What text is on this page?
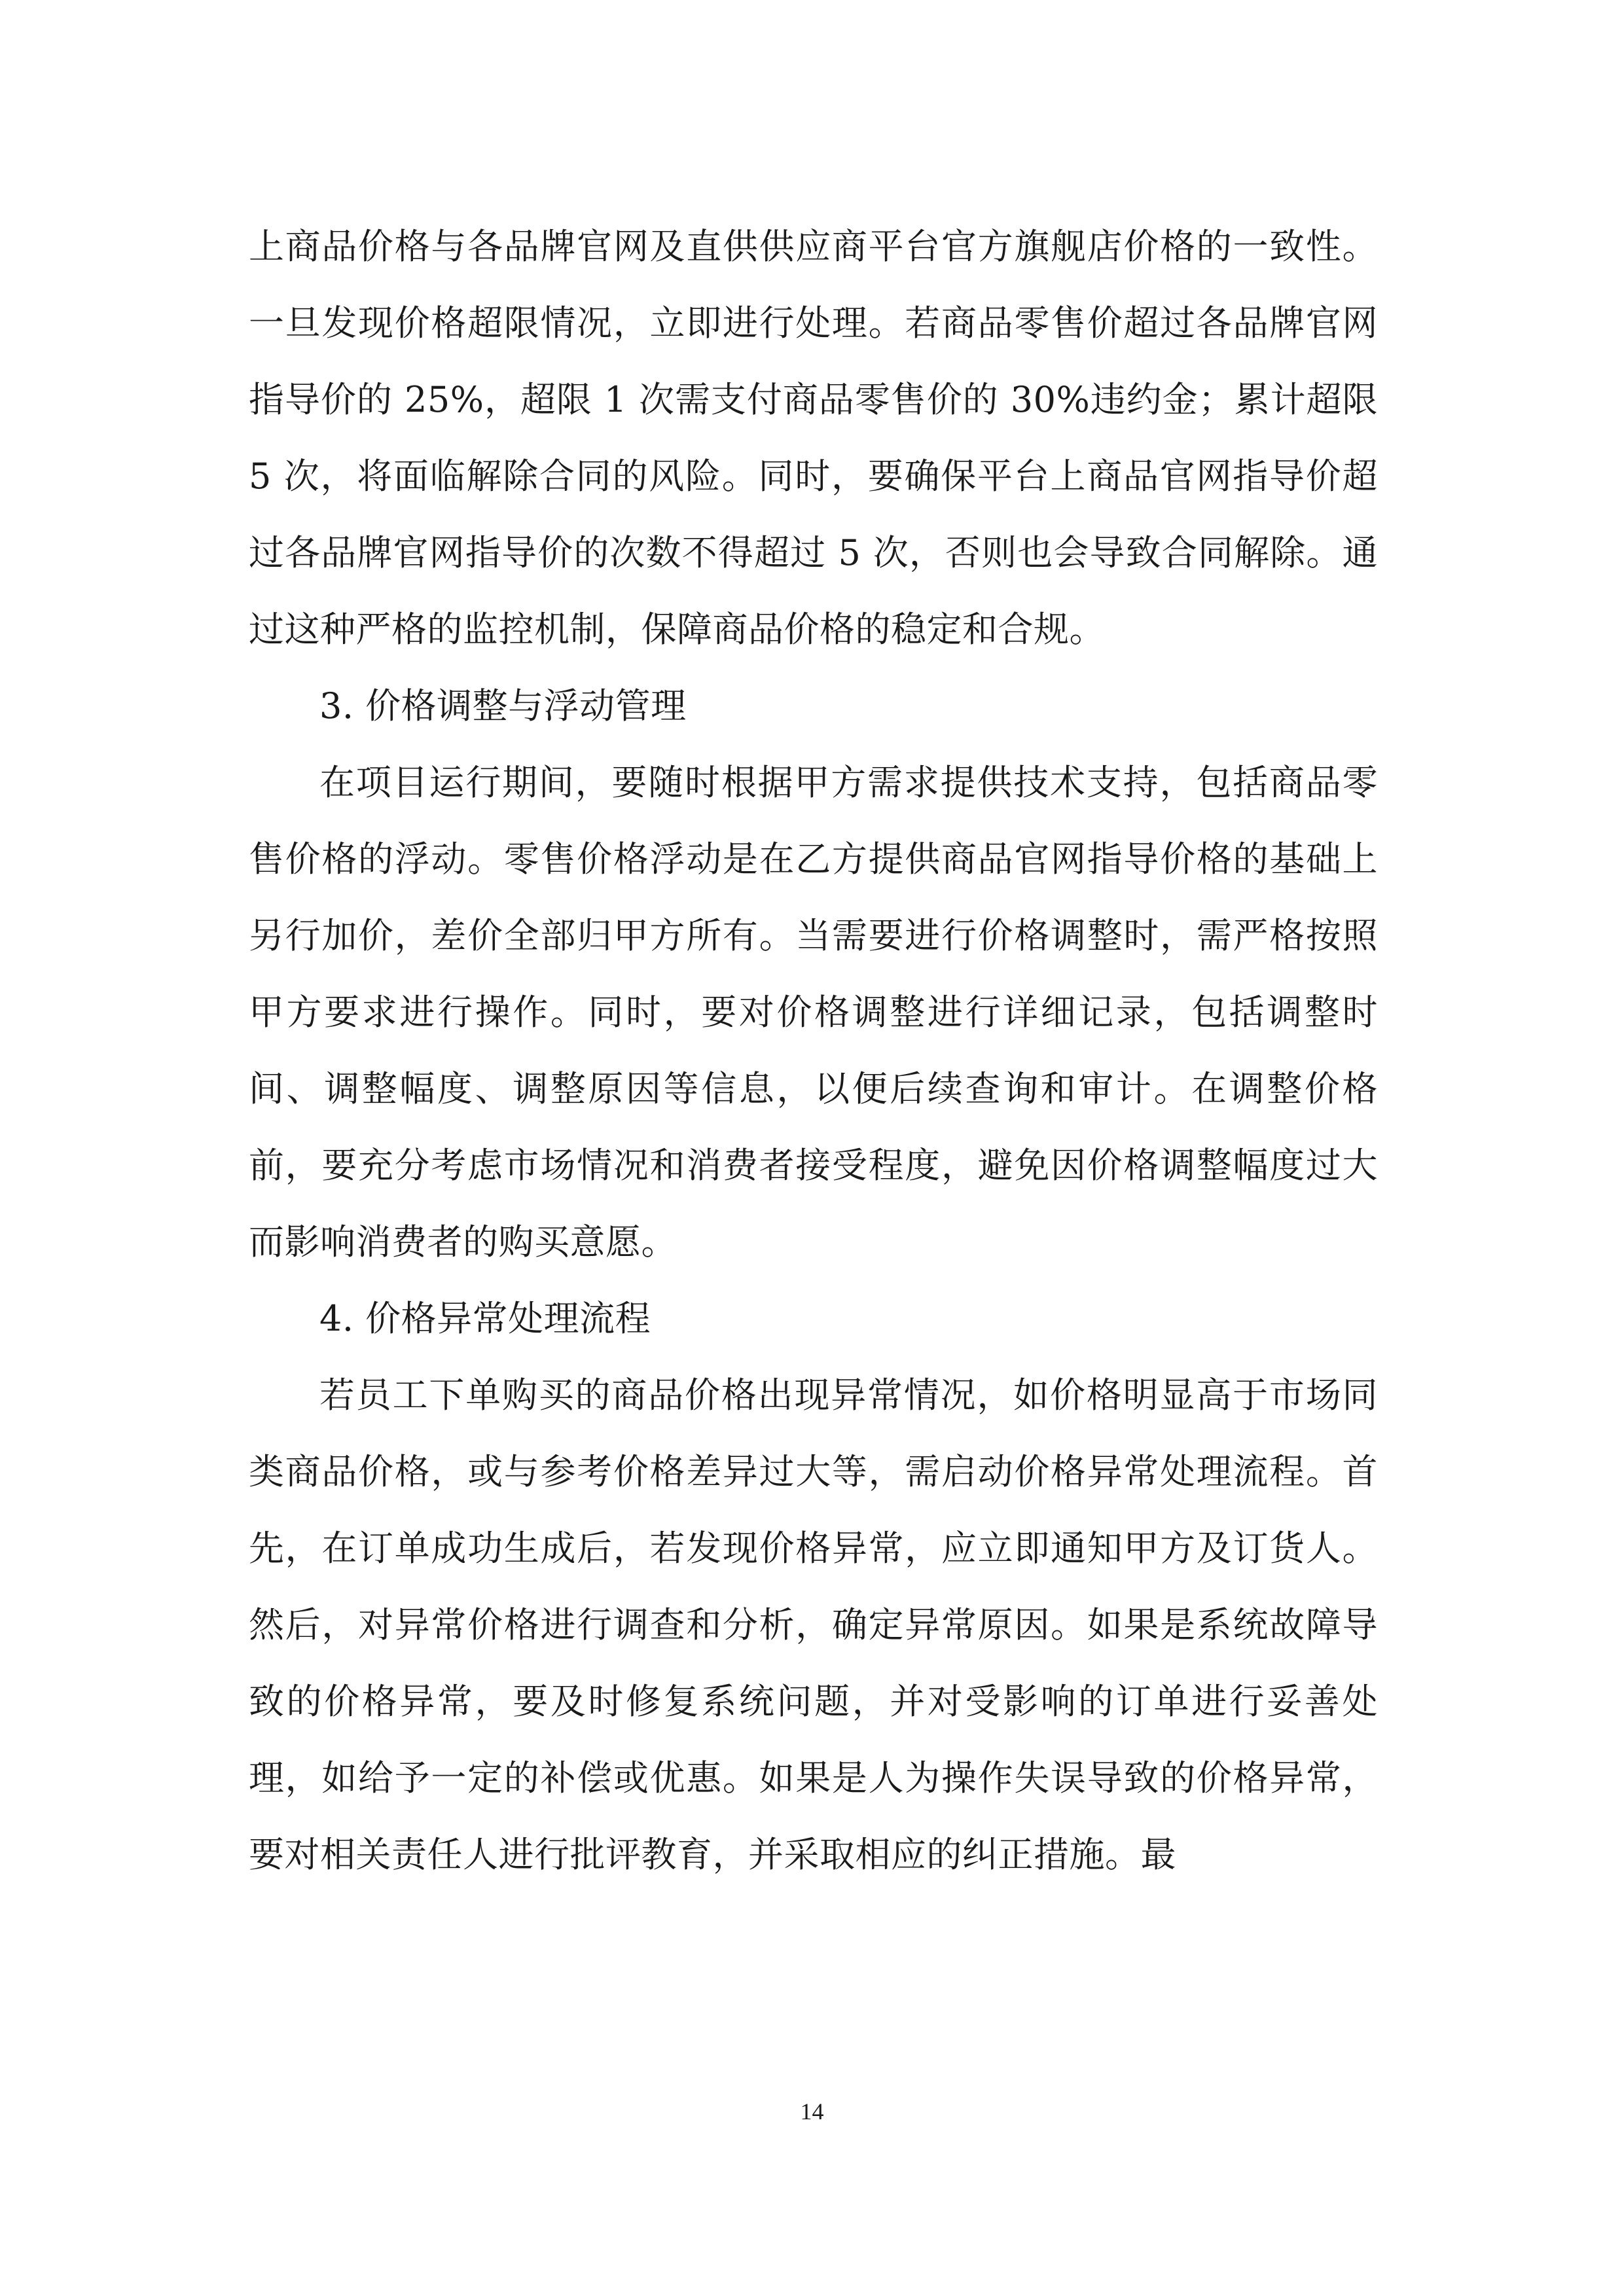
上商品价格与各品牌官网及直供供应商平台官方旗舰店价格的一致性。一旦发现价格超限情况，立即进行处理。若商品零售价超过各品牌官网指导价的 25%，超限 1 次需支付商品零售价的 30%违约金；累计超限 5 次，将面临解除合同的风险。同时，要确保平台上商品官网指导价超过各品牌官网指导价的次数不得超过 5 次，否则也会导致合同解除。通过这种严格的监控机制，保障商品价格的稳定和合规。

3. 价格调整与浮动管理

在项目运行期间，要随时根据甲方需求提供技术支持，包括商品零售价格的浮动。零售价格浮动是在乙方提供商品官网指导价格的基础上另行加价，差价全部归甲方所有。当需要进行价格调整时，需严格按照甲方要求进行操作。同时，要对价格调整进行详细记录，包括调整时间、调整幅度、调整原因等信息，以便后续查询和审计。在调整价格前，要充分考虑市场情况和消费者接受程度，避免因价格调整幅度过大而影响消费者的购买意愿。

4. 价格异常处理流程

若员工下单购买的商品价格出现异常情况，如价格明显高于市场同类商品价格，或与参考价格差异过大等，需启动价格异常处理流程。首先，在订单成功生成后，若发现价格异常，应立即通知甲方及订货人。然后，对异常价格进行调查和分析，确定异常原因。如果是系统故障导致的价格异常，要及时修复系统问题，并对受影响的订单进行妥善处理，如给予一定的补偿或优惠。如果是人为操作失误导致的价格异常，要对相关责任人进行批评教育，并采取相应的纠正措施。最

14
